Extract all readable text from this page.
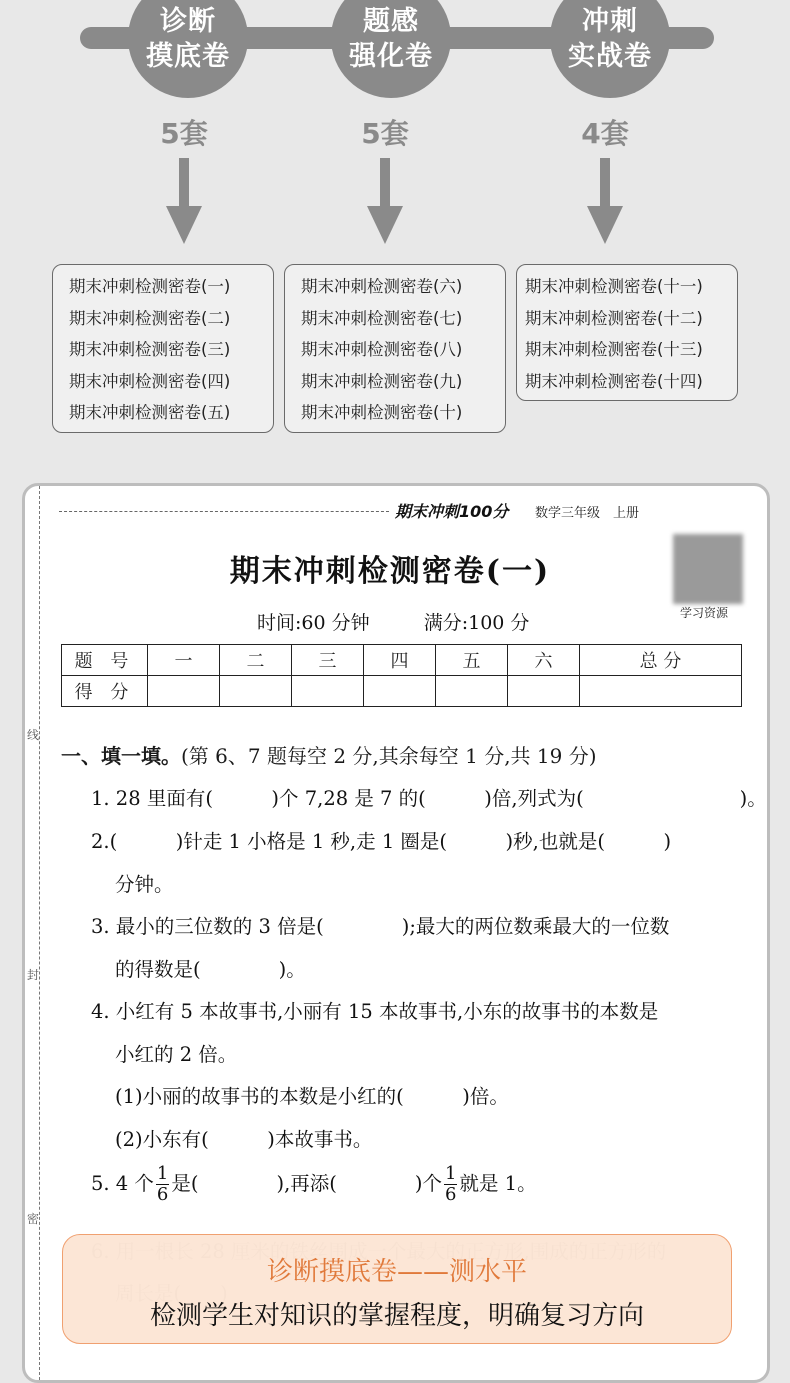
诊断
摸底卷
题感
强化卷
冲刺
实战卷
5套	5套	4套
期末冲刺检测密卷(一)
期末冲刺检测密卷(二)
期末冲刺检测密卷(三)
期末冲刺检测密卷(四)
期末冲刺检测密卷(五)
期末冲刺检测密卷(六)
期末冲刺检测密卷(七)
期末冲刺检测密卷(八)
期末冲刺检测密卷(九)
期末冲刺检测密卷(十)
期末冲刺检测密卷(十一)
期末冲刺检测密卷(十二)
期末冲刺检测密卷(十三)
期末冲刺检测密卷(十四)
线
封
密
期末冲刺100分 数学三年级　上册
期末冲刺检测密卷(一)
学习资源
时间:60 分钟	满分:100 分
题 号	一	二	三	四	五	六	总 分
得 分							
一、填一填。(第 6、7 题每空 2 分,其余每空 1 分,共 19 分)
1. 28 里面有(　　　)个 7,28 是 7 的(　　　)倍,列式为(　　　　　　　　)。
2.(　　　)针走 1 小格是 1 秒,走 1 圈是(　　　)秒,也就是(　　　)
分钟。
3. 最小的三位数的 3 倍是(　　　　);最大的两位数乘最大的一位数
的得数是(　　　　)。
4. 小红有 5 本故事书,小丽有 15 本故事书,小东的故事书的本数是
小红的 2 倍。
(1)小丽的故事书的本数是小红的(　　　)倍。
(2)小东有(　　　)本故事书。
5. 4 个 $\frac{1}{6}$ 是(　　　　),再添(　　　　)个 $\frac{1}{6}$ 就是 1。
诊断摸底卷——测水平
检测学生对知识的掌握程度，明确复习方向
